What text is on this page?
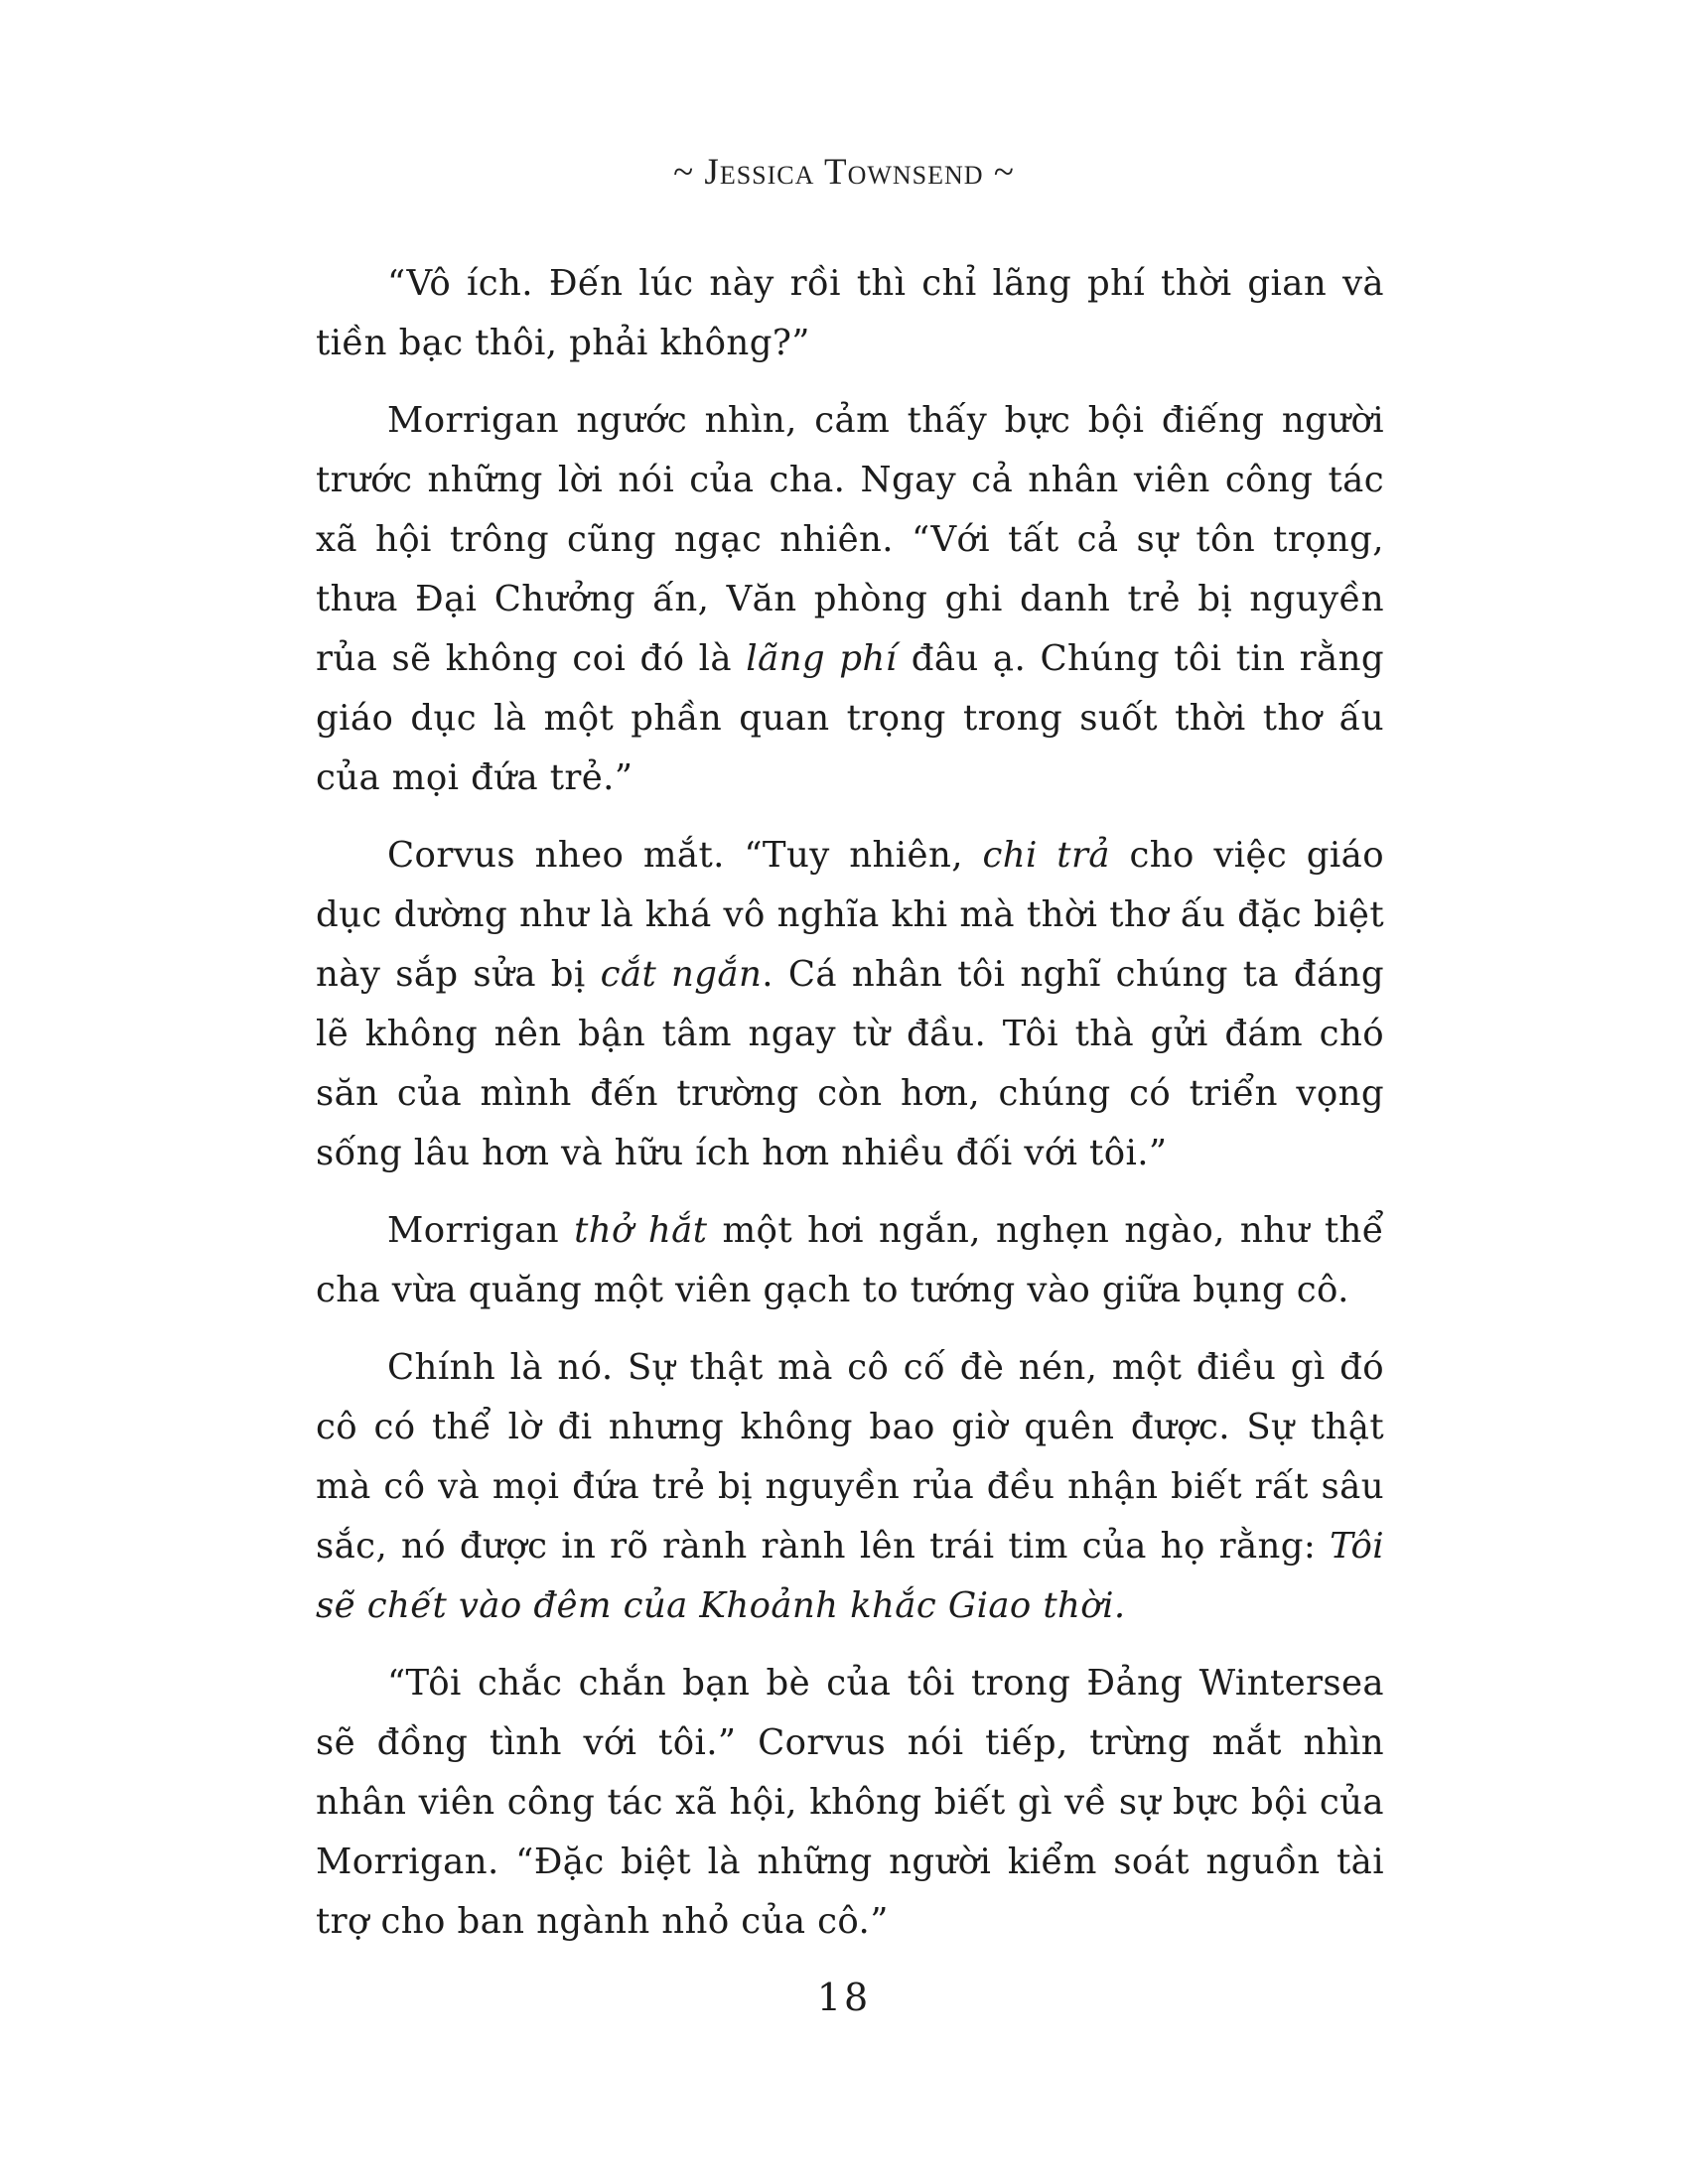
~ Jessica Townsend ~

“Vô ích. Đến lúc này rồi thì chỉ lãng phí thời gian và tiền bạc thôi, phải không?”

Morrigan ngước nhìn, cảm thấy bực bội điếng người trước những lời nói của cha. Ngay cả nhân viên công tác xã hội trông cũng ngạc nhiên. “Với tất cả sự tôn trọng, thưa Đại Chưởng ấn, Văn phòng ghi danh trẻ bị nguyền rủa sẽ không coi đó là lãng phí đâu ạ. Chúng tôi tin rằng giáo dục là một phần quan trọng trong suốt thời thơ ấu của mọi đứa trẻ.”

Corvus nheo mắt. “Tuy nhiên, chi trả cho việc giáo dục dường như là khá vô nghĩa khi mà thời thơ ấu đặc biệt này sắp sửa bị cắt ngắn. Cá nhân tôi nghĩ chúng ta đáng lẽ không nên bận tâm ngay từ đầu. Tôi thà gửi đám chó săn của mình đến trường còn hơn, chúng có triển vọng sống lâu hơn và hữu ích hơn nhiều đối với tôi.”

Morrigan thở hắt một hơi ngắn, nghẹn ngào, như thể cha vừa quăng một viên gạch to tướng vào giữa bụng cô.

Chính là nó. Sự thật mà cô cố đè nén, một điều gì đó cô có thể lờ đi nhưng không bao giờ quên được. Sự thật mà cô và mọi đứa trẻ bị nguyền rủa đều nhận biết rất sâu sắc, nó được in rõ rành rành lên trái tim của họ rằng: Tôi sẽ chết vào đêm của Khoảnh khắc Giao thời.

“Tôi chắc chắn bạn bè của tôi trong Đảng Wintersea sẽ đồng tình với tôi.” Corvus nói tiếp, trừng mắt nhìn nhân viên công tác xã hội, không biết gì về sự bực bội của Morrigan. “Đặc biệt là những người kiểm soát nguồn tài trợ cho ban ngành nhỏ của cô.”

18
